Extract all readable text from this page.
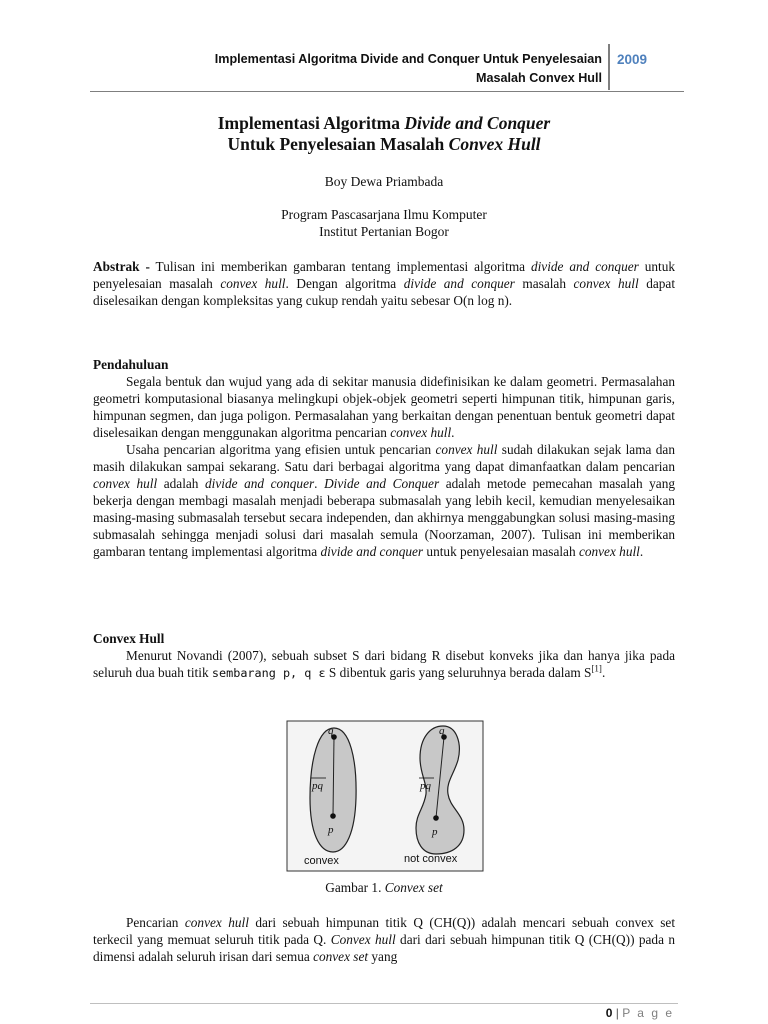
Implementasi Algoritma Divide and Conquer Untuk Penyelesaian
Masalah Convex Hull
2009
Implementasi Algoritma Divide and Conquer
Untuk Penyelesaian Masalah Convex Hull
Boy Dewa Priambada
Program Pascasarjana Ilmu Komputer
Institut Pertanian Bogor

Abstrak - Tulisan ini memberikan gambaran tentang implementasi algoritma divide and conquer untuk penyelesaian masalah convex hull. Dengan algoritma divide and conquer masalah convex hull dapat diselesaikan dengan kompleksitas yang cukup rendah yaitu sebesar O(n log n).

Pendahuluan

Segala bentuk dan wujud yang ada di sekitar manusia didefinisikan ke dalam geometri. Permasalahan geometri komputasional biasanya melingkupi objek-objek geometri seperti himpunan titik, himpunan garis, himpunan segmen, dan juga poligon. Permasalahan yang berkaitan dengan penentuan bentuk geometri dapat diselesaikan dengan menggunakan algoritma pencarian convex hull.

Usaha pencarian algoritma yang efisien untuk pencarian convex hull sudah dilakukan sejak lama dan masih dilakukan sampai sekarang. Satu dari berbagai algoritma yang dapat dimanfaatkan dalam pencarian convex hull adalah divide and conquer. Divide and Conquer adalah metode pemecahan masalah yang bekerja dengan membagi masalah menjadi beberapa submasalah yang lebih kecil, kemudian menyelesaikan masing-masing submasalah tersebut secara independen, dan akhirnya menggabungkan solusi masing-masing submasalah sehingga menjadi solusi dari masalah semula (Noorzaman, 2007). Tulisan ini memberikan gambaran tentang implementasi algoritma divide and conquer untuk penyelesaian masalah convex hull.

Convex Hull

Menurut Novandi (2007), sebuah subset S dari bidang R disebut konveks jika dan hanya jika pada seluruh dua buah titik sembarang p, q ε S dibentuk garis yang seluruhnya berada dalam S[1].

q
p
pq
convex
q
p
pq
not convex
Gambar 1. Convex set

Pencarian convex hull dari sebuah himpunan titik Q (CH(Q)) adalah mencari sebuah convex set terkecil yang memuat seluruh titik pada Q. Convex hull dari dari sebuah himpunan titik Q (CH(Q)) pada n dimensi adalah seluruh irisan dari semua convex set yang

0 | P a g e
